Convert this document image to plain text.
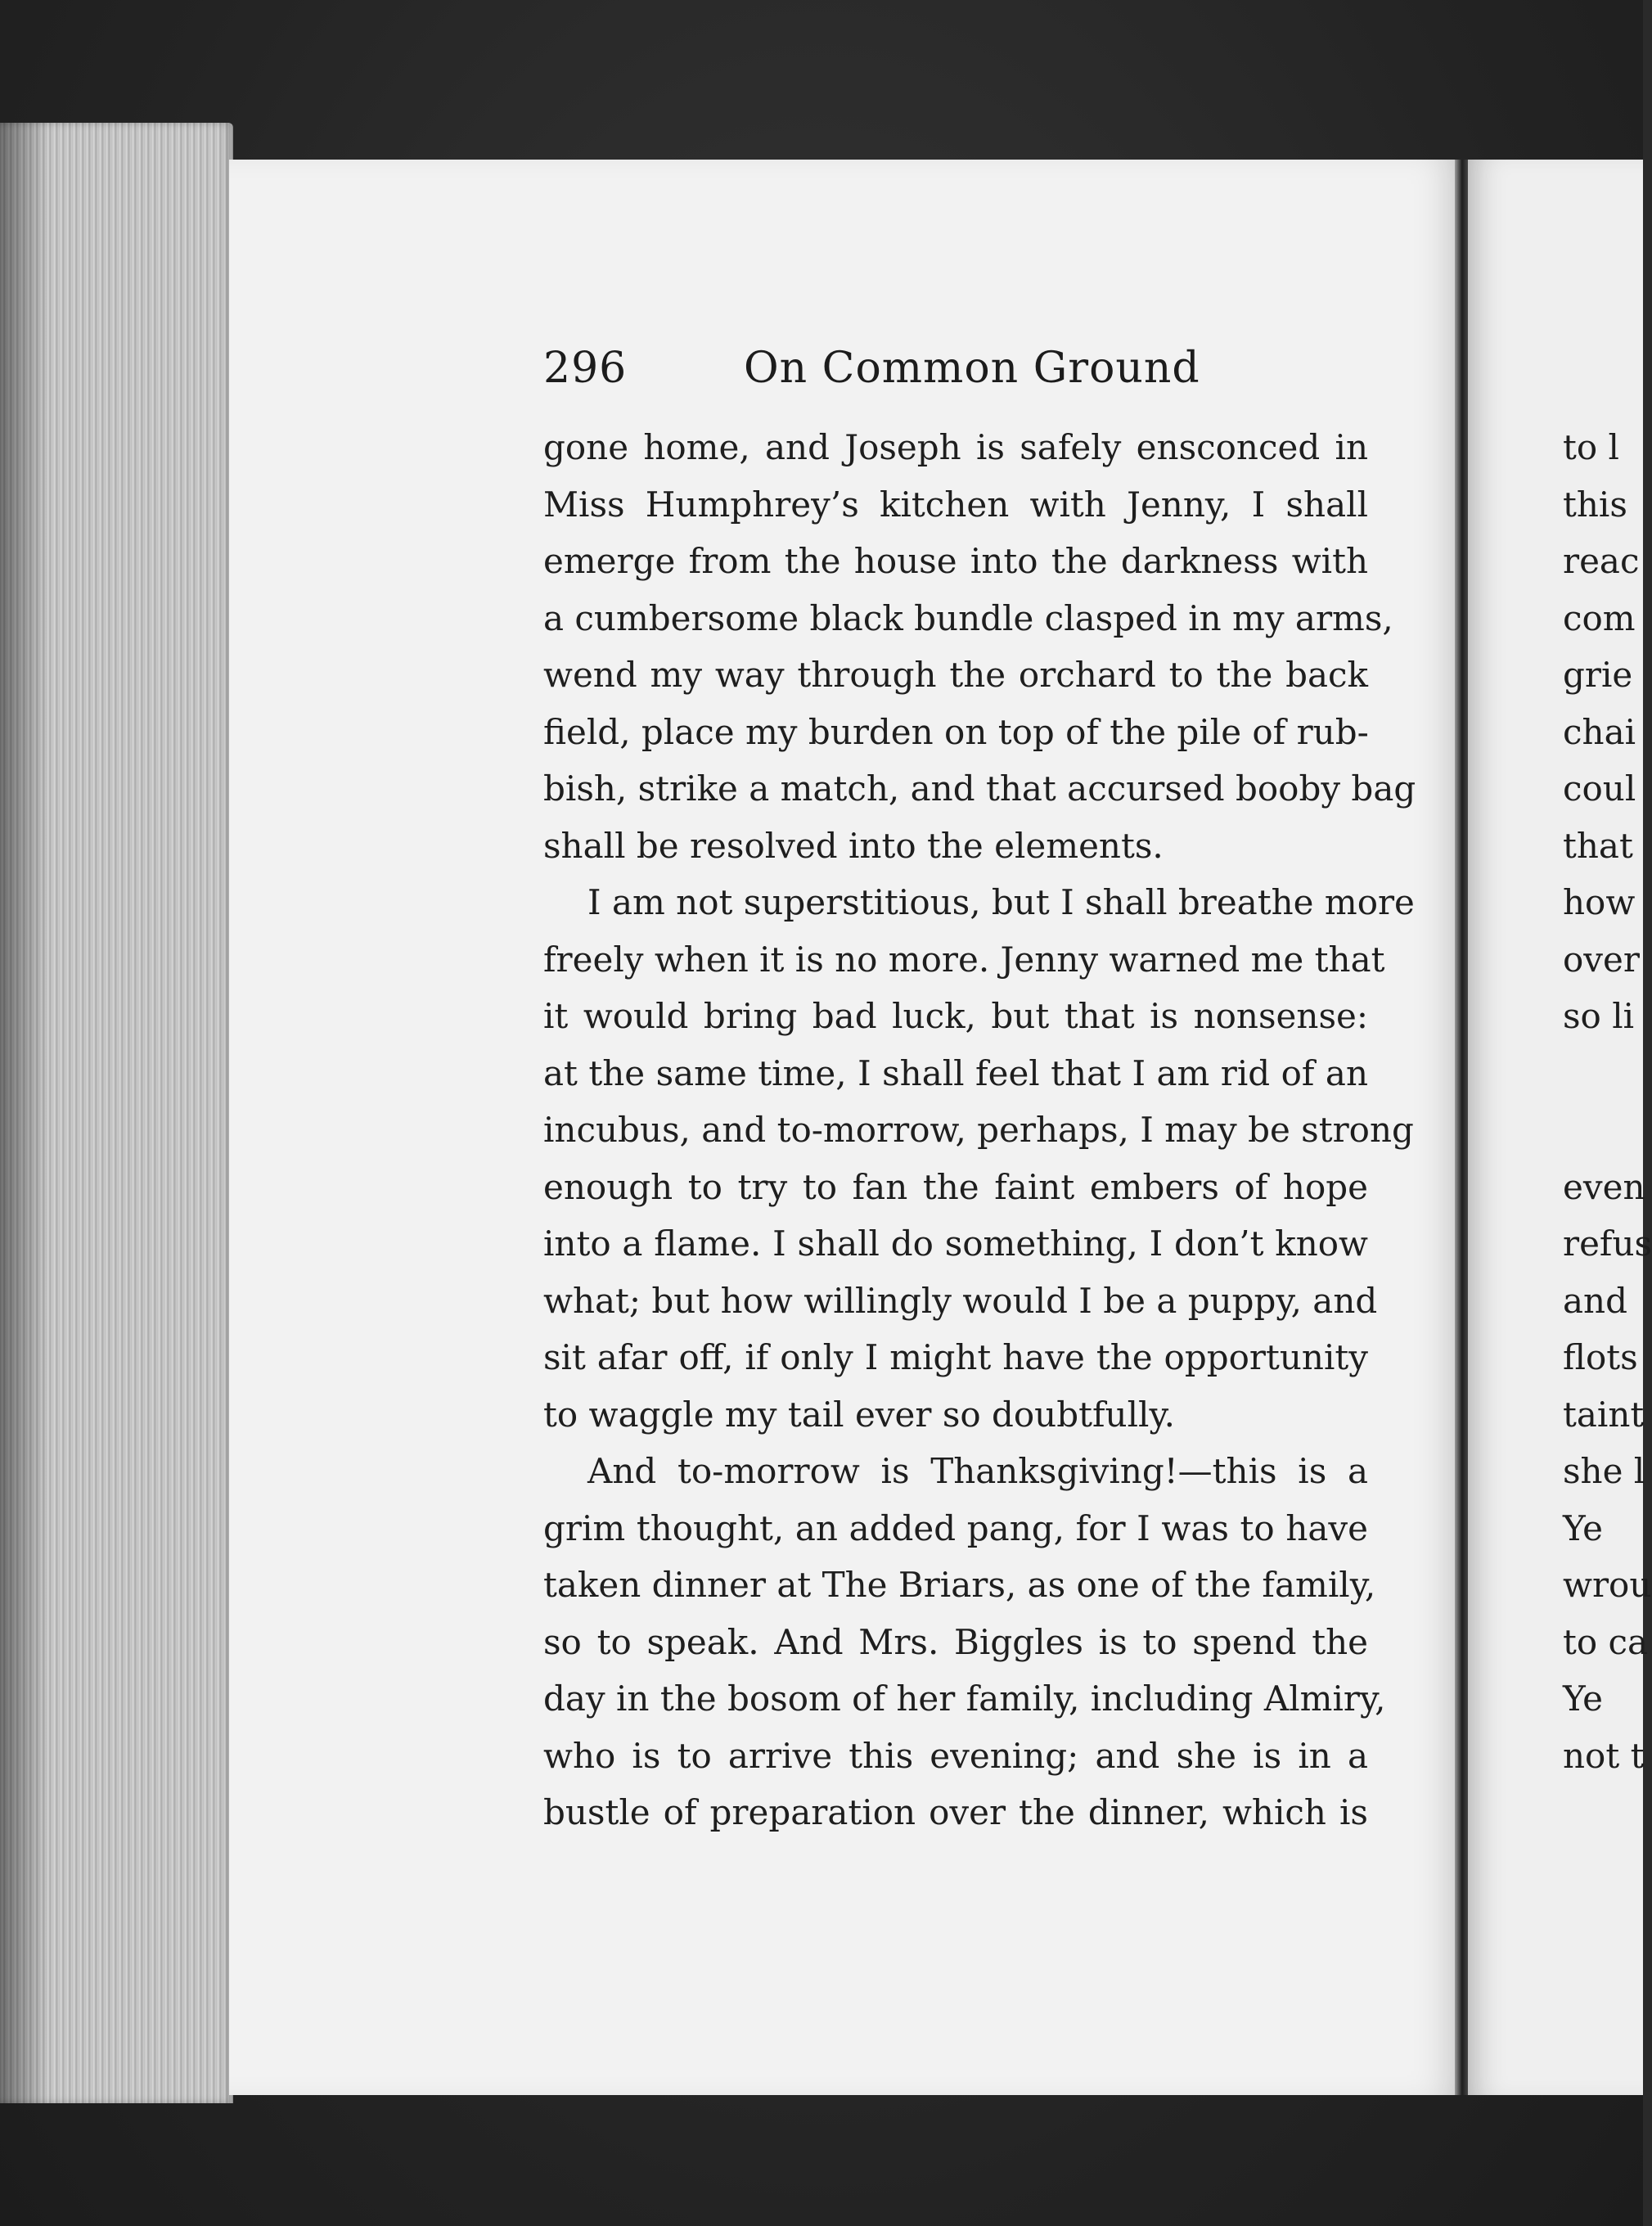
to l
this
reac
com
grie
chai
coul
that
how
over
so li
even
refus
and
flots
taint
she l
Ye
wrou
to ca
Ye
not t
296	On Common Ground
gone home, and Joseph is safely ensconced in
Miss Humphrey’s kitchen with Jenny, I shall
emerge from the house into the darkness with
a cumbersome black bundle clasped in my arms,
wend my way through the orchard to the back
field, place my burden on top of the pile of rub-
bish, strike a match, and that accursed booby bag
shall be resolved into the elements.
I am not superstitious, but I shall breathe more
freely when it is no more. Jenny warned me that
it would bring bad luck, but that is nonsense:
at the same time, I shall feel that I am rid of an
incubus, and to-morrow, perhaps, I may be strong
enough to try to fan the faint embers of hope
into a flame. I shall do something, I don’t know
what; but how willingly would I be a puppy, and
sit afar off, if only I might have the opportunity
to waggle my tail ever so doubtfully.
And to-morrow is Thanksgiving!—this is a
grim thought, an added pang, for I was to have
taken dinner at The Briars, as one of the family,
so to speak. And Mrs. Biggles is to spend the
day in the bosom of her family, including Almiry,
who is to arrive this evening; and she is in a
bustle of preparation over the dinner, which is
